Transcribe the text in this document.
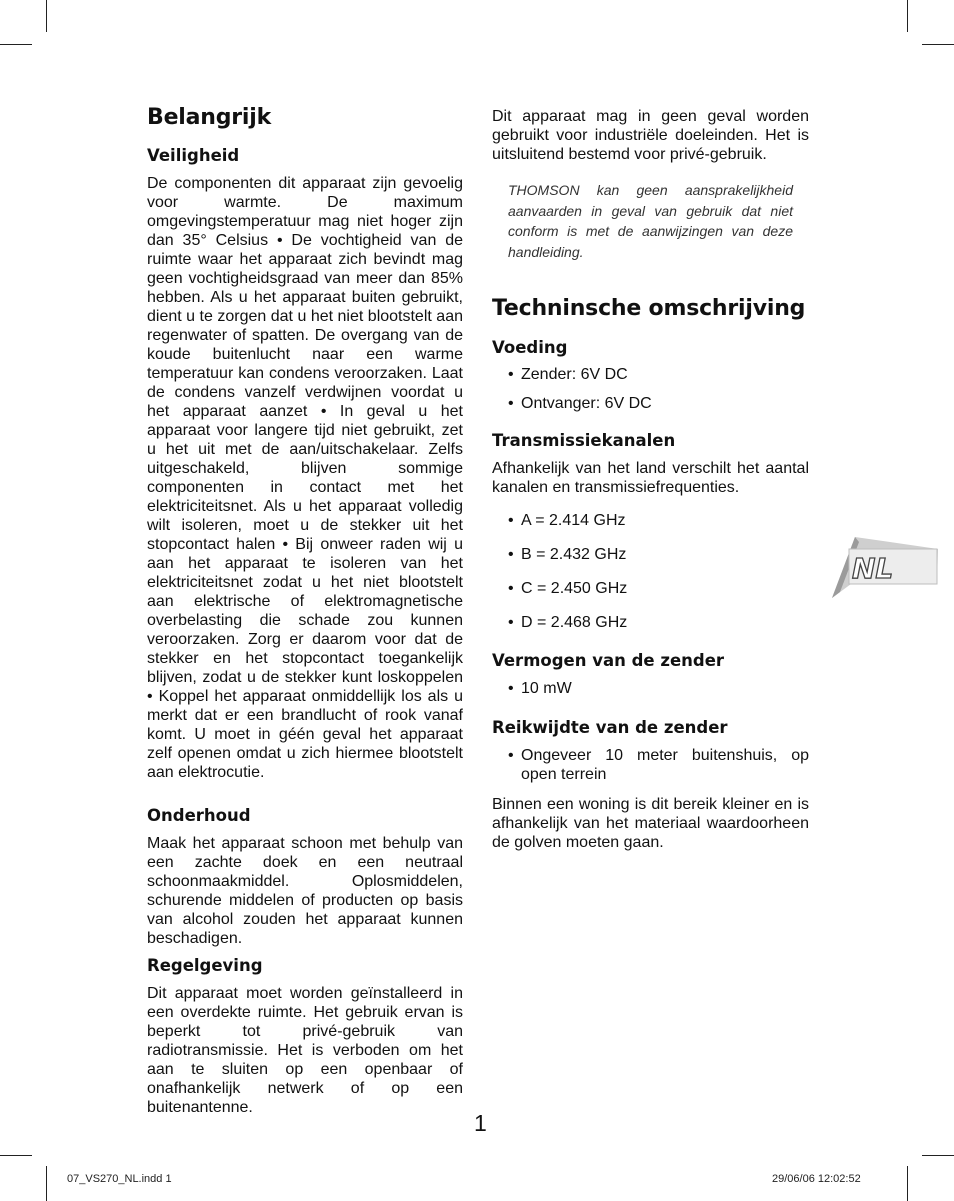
Belangrijk
Veiligheid

De componenten dit apparaat zijn gevoelig voor warmte. De maximum omgevingstemperatuur mag niet hoger zijn dan 35° Celsius • De vochtigheid van de ruimte waar het apparaat zich bevindt mag geen vochtigheidsgraad van meer dan 85% hebben. Als u het apparaat buiten gebruikt, dient u te zorgen dat u het niet blootstelt aan regenwater of spatten. De overgang van de koude buitenlucht naar een warme temperatuur kan condens veroorzaken. Laat de condens vanzelf verdwijnen voordat u het apparaat aanzet • In geval u het apparaat voor langere tijd niet gebruikt, zet u het uit met de aan/uitschakelaar. Zelfs uitgeschakeld, blijven sommige componenten in contact met het elektriciteitsnet. Als u het apparaat volledig wilt isoleren, moet u de stekker uit het stopcontact halen • Bij onweer raden wij u aan het apparaat te isoleren van het elektriciteitsnet zodat u het niet blootstelt aan elektrische of elektromagnetische overbelasting die schade zou kunnen veroorzaken. Zorg er daarom voor dat de stekker en het stopcontact toegankelijk blijven, zodat u de stekker kunt loskoppelen • Koppel het apparaat onmiddellijk los als u merkt dat er een brandlucht of rook vanaf komt. U moet in géén geval het apparaat zelf openen omdat u zich hiermee blootstelt aan elektrocutie.

Onderhoud

Maak het apparaat schoon met behulp van een zachte doek en een neutraal schoonmaakmiddel. Oplosmiddelen, schurende middelen of producten op basis van alcohol zouden het apparaat kunnen beschadigen.

Regelgeving

Dit apparaat moet worden geïnstalleerd in een overdekte ruimte. Het gebruik ervan is beperkt tot privé-gebruik van radiotransmissie. Het is verboden om het aan te sluiten op een openbaar of onafhankelijk netwerk of op een buitenantenne.

Dit apparaat mag in geen geval worden gebruikt voor industriële doeleinden. Het is uitsluitend bestemd voor privé-gebruik.

THOMSON kan geen aansprakelijkheid aanvaarden in geval van gebruik dat niet conform is met de aanwijzingen van deze handleiding.

Techninsche omschrijving
Voeding
• Zender: 6V DC
• Ontvanger: 6V DC
Transmissiekanalen

Afhankelijk van het land verschilt het aantal kanalen en transmissiefrequenties.

• A = 2.414 GHz
• B = 2.432 GHz
• C = 2.450 GHz
• D = 2.468 GHz
Vermogen van de zender
• 10 mW
Reikwijdte van de zender
• Ongeveer 10 meter buitenshuis, op open terrein

Binnen een woning is dit bereik kleiner en is afhankelijk van het materiaal waardoorheen de golven moeten gaan.

NL
1
07_VS270_NL.indd 1	29/06/06 12:02:52
